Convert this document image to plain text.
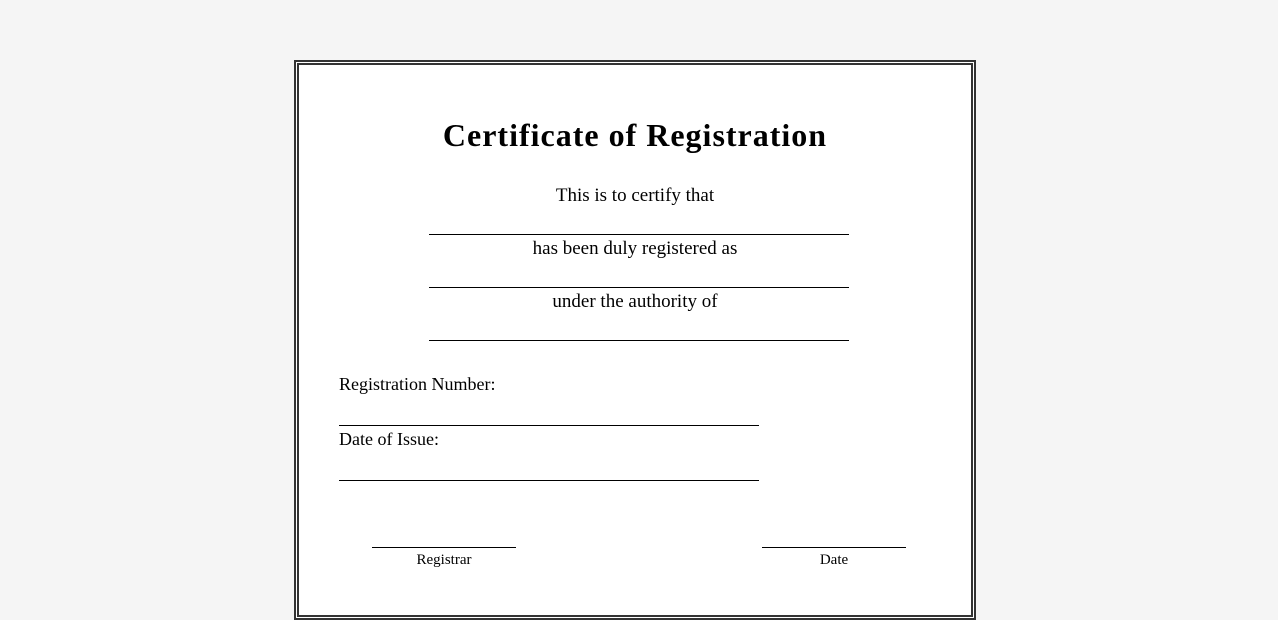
Certificate of Registration
This is to certify that
has been duly registered as
under the authority of
Registration Number:
Date of Issue:
Registrar	Date
